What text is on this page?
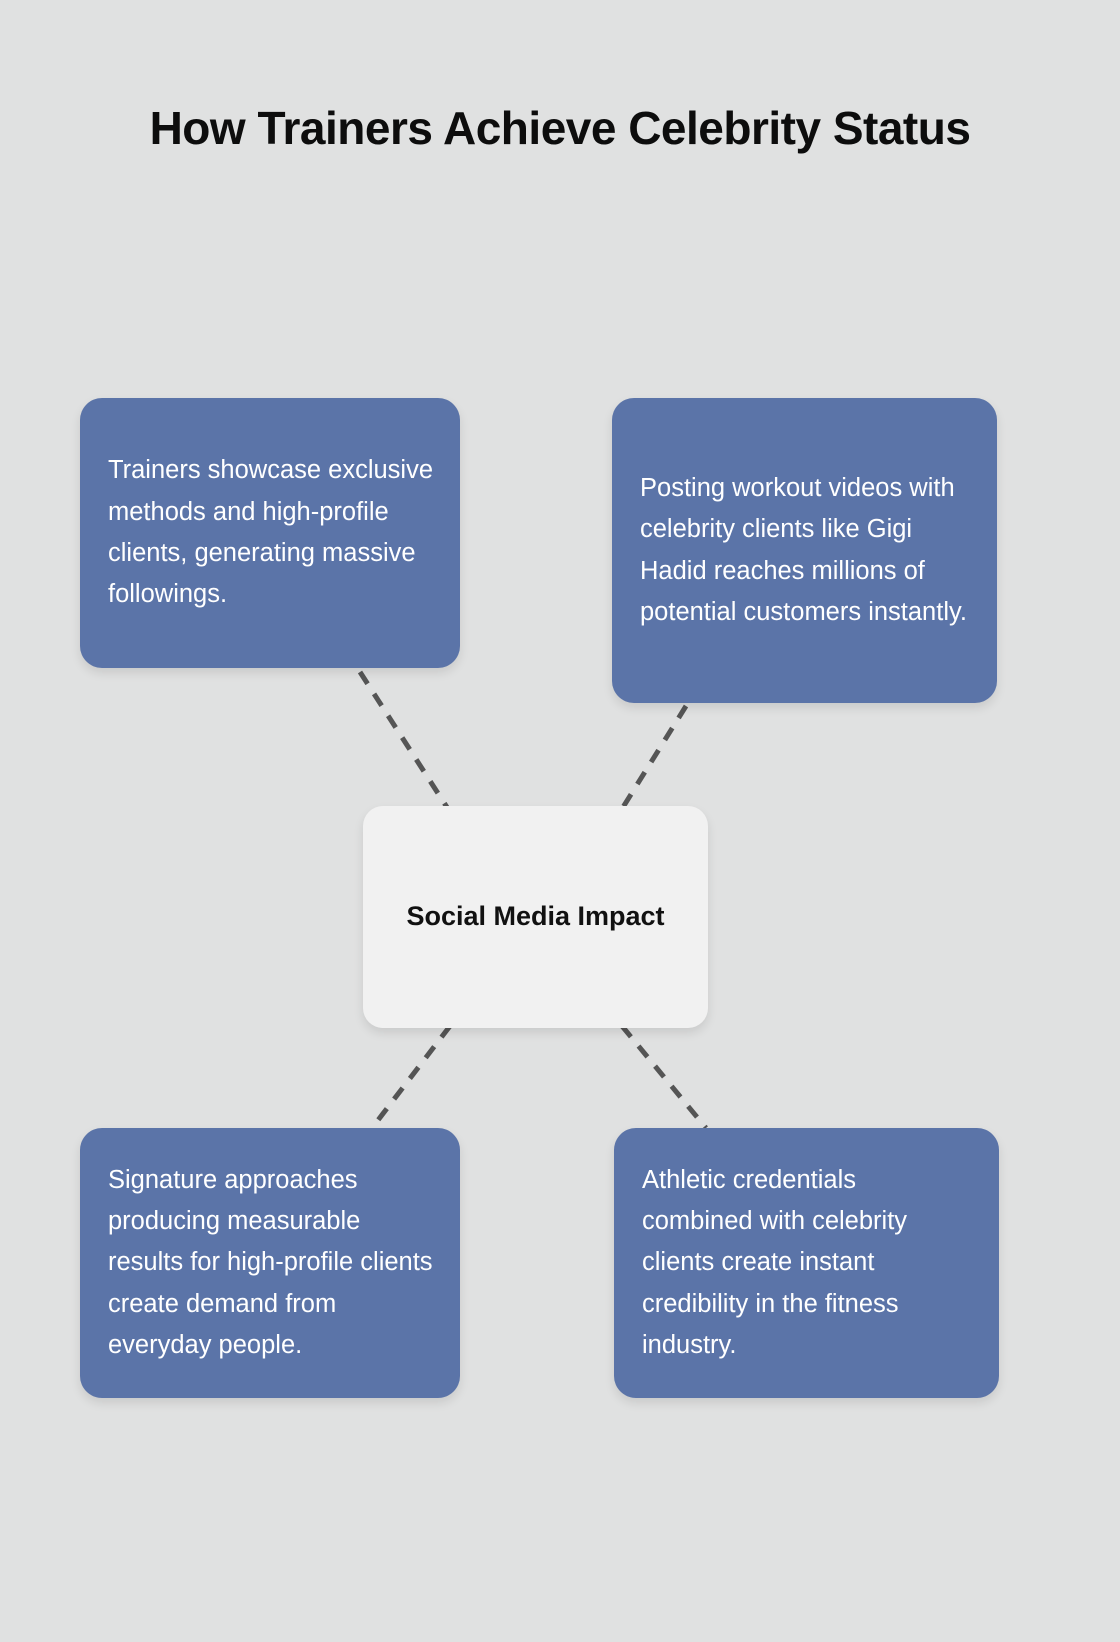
How Trainers Achieve Celebrity Status
Trainers showcase exclusive methods and high-profile clients, generating massive followings.
Posting workout videos with celebrity clients like Gigi Hadid reaches millions of potential customers instantly.
Social Media Impact
Signature approaches producing measurable results for high-profile clients create demand from everyday people.
Athletic credentials combined with celebrity clients create instant credibility in the fitness industry.
